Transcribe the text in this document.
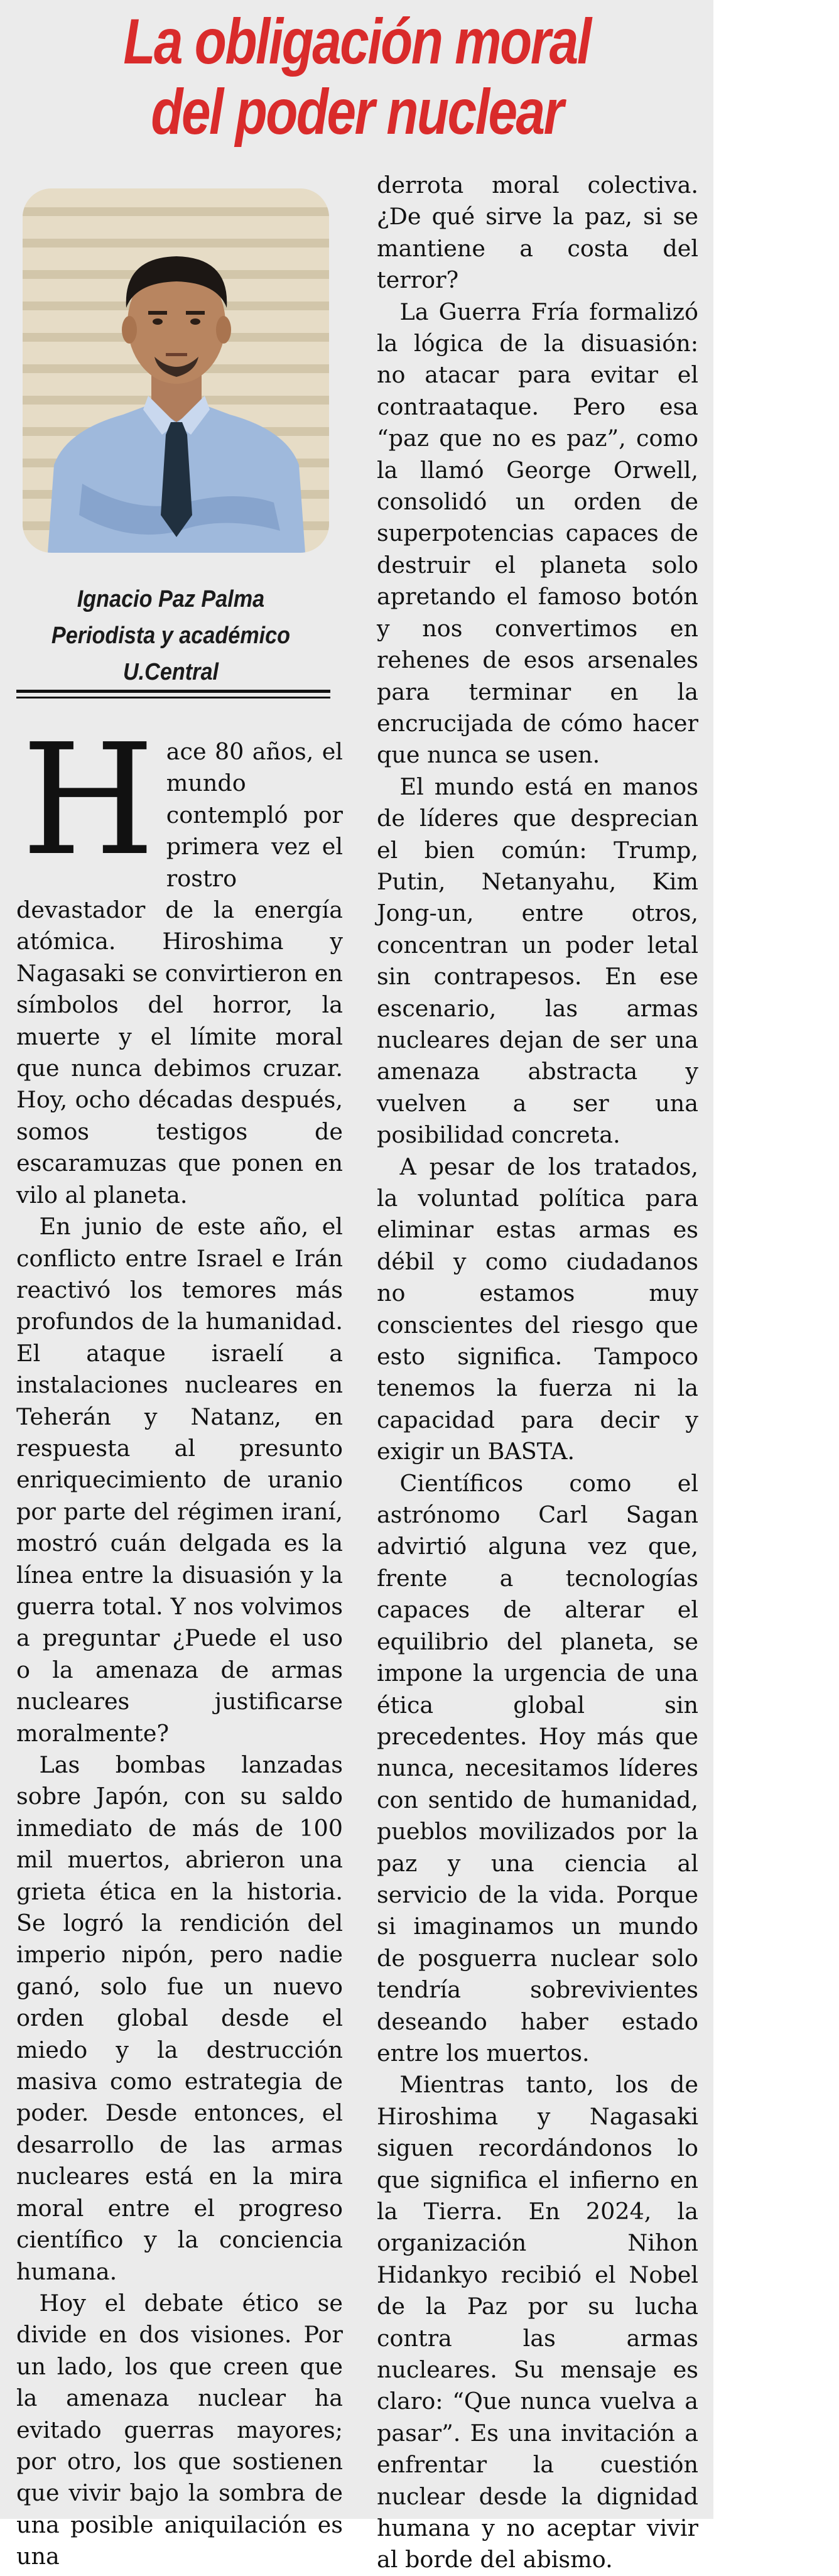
La obligación moral
del poder nuclear
Ignacio Paz Palma
Periodista y académico
U.Central

Hace 80 años, el mundo contempló por primera vez el rostro devastador de la energía atómica. Hiroshima y Nagasaki se convirtieron en símbolos del horror, la muerte y el límite moral que nunca debimos cruzar. Hoy, ocho décadas después, somos testigos de escaramuzas que ponen en vilo al planeta.

En junio de este año, el conflicto entre Israel e Irán reactivó los temores más profundos de la humanidad. El ataque israelí a instalaciones nucleares en Teherán y Natanz, en respuesta al presunto enriquecimiento de uranio por parte del régimen iraní, mostró cuán delgada es la línea entre la disuasión y la guerra total. Y nos volvimos a preguntar ¿Puede el uso o la amenaza de armas nucleares justificarse moralmente?

Las bombas lanzadas sobre Japón, con su saldo inmediato de más de 100 mil muertos, abrieron una grieta ética en la historia. Se logró la rendición del imperio nipón, pero nadie ganó, solo fue un nuevo orden global desde el miedo y la destrucción masiva como estrategia de poder. Desde entonces, el desarrollo de las armas nucleares está en la mira moral entre el progreso científico y la conciencia humana.

Hoy el debate ético se divide en dos visiones. Por un lado, los que creen que la amenaza nuclear ha evitado guerras mayores; por otro, los que sostienen que vivir bajo la sombra de una posible aniquilación es una

derrota moral colectiva. ¿De qué sirve la paz, si se mantiene a costa del terror?

La Guerra Fría formalizó la lógica de la disuasión: no atacar para evitar el contraataque. Pero esa “paz que no es paz”, como la llamó George Orwell, consolidó un orden de superpotencias capaces de destruir el planeta solo apretando el famoso botón y nos convertimos en rehenes de esos arsenales para terminar en la encrucijada de cómo hacer que nunca se usen.

El mundo está en manos de líderes que desprecian el bien común: Trump, Putin, Netanyahu, Kim Jong-un, entre otros, concentran un poder letal sin contrapesos. En ese escenario, las armas nucleares dejan de ser una amenaza abstracta y vuelven a ser una posibilidad concreta.

A pesar de los tratados, la voluntad política para eliminar estas armas es débil y como ciudadanos no estamos muy conscientes del riesgo que esto significa. Tampoco tenemos la fuerza ni la capacidad para decir y exigir un BASTA.

Científicos como el astrónomo Carl Sagan advirtió alguna vez que, frente a tecnologías capaces de alterar el equilibrio del planeta, se impone la urgencia de una ética global sin precedentes. Hoy más que nunca, necesitamos líderes con sentido de humanidad, pueblos movilizados por la paz y una ciencia al servicio de la vida. Porque si imaginamos un mundo de posguerra nuclear solo tendría sobrevivientes deseando haber estado entre los muertos.

Mientras tanto, los de Hiroshima y Nagasaki siguen recordándonos lo que significa el infierno en la Tierra. En 2024, la organización Nihon Hidankyo recibió el Nobel de la Paz por su lucha contra las armas nucleares. Su mensaje es claro: “Que nunca vuelva a pasar”. Es una invitación a enfrentar la cuestión nuclear desde la dignidad humana y no aceptar vivir al borde del abismo.
